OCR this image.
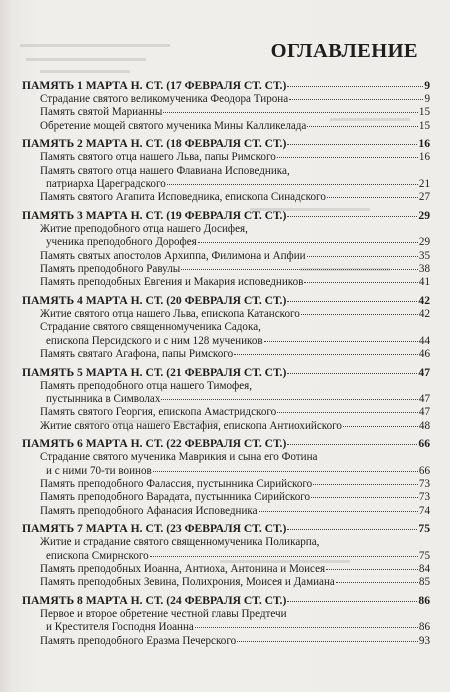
ОГЛАВЛЕНИЕ
ПАМЯТЬ 1 МАРТА Н. СТ. (17 ФЕВРАЛЯ СТ. СТ.)	9
Страдание святого великомученика Феодора Тирона	9
Память святой Марианны	15
Обретение мощей святого мученика Мины Калликелада	15
ПАМЯТЬ 2 МАРТА Н. СТ. (18 ФЕВРАЛЯ СТ. СТ.)	16
Память святого отца нашего Льва, папы Римского	16
Память святого отца нашего Флавиана Исповедника,
патриарха Цареградского	21
Память святого Агапита Исповедника, епископа Синадского	27
ПАМЯТЬ 3 МАРТА Н. СТ. (19 ФЕВРАЛЯ СТ. СТ.)	29
Житие преподобного отца нашего Досифея,
ученика преподобного Дорофея	29
Память святых апостолов Архиппа, Филимона и Апфии	35
Память преподобного Равулы	38
Память преподобных Евгения и Макария исповедников	41
ПАМЯТЬ 4 МАРТА Н. СТ. (20 ФЕВРАЛЯ СТ. СТ.)	42
Житие святого отца нашего Льва, епископа Катанского	42
Страдание святого священномученика Садока,
епископа Персидского и с ним 128 мучеников	44
Память святаго Агафона, папы Римского	46
ПАМЯТЬ 5 МАРТА Н. СТ. (21 ФЕВРАЛЯ СТ. СТ.)	47
Память преподобного отца нашего Тимофея,
пустынника в Символах	47
Память святого Георгия, епископа Амастридского	47
Житие святого отца нашего Евстафия, епископа Антиохийского	48
ПАМЯТЬ 6 МАРТА Н. СТ. (22 ФЕВРАЛЯ СТ. СТ.)	66
Страдание святого мученика Маврикия и сына его Фотина
и с ними 70-ти воинов	66
Память преподобного Фалассия, пустынника Сирийского	73
Память преподобного Варадата, пустынника Сирийского	73
Память преподобного Афанасия Исповедника	74
ПАМЯТЬ 7 МАРТА Н. СТ. (23 ФЕВРАЛЯ СТ. СТ.)	75
Житие и страдание святого священномученика Поликарпа,
епископа Смирнского	75
Память преподобных Иоанна, Антиоха, Антонина и Моисея	84
Память преподобных Зевина, Полихрония, Моисея и Дамиана	85
ПАМЯТЬ 8 МАРТА Н. СТ. (24 ФЕВРАЛЯ СТ. СТ.)	86
Первое и второе обретение честной главы Предтечи
и Крестителя Господня Иоанна	86
Память преподобного Еразма Печерского	93
